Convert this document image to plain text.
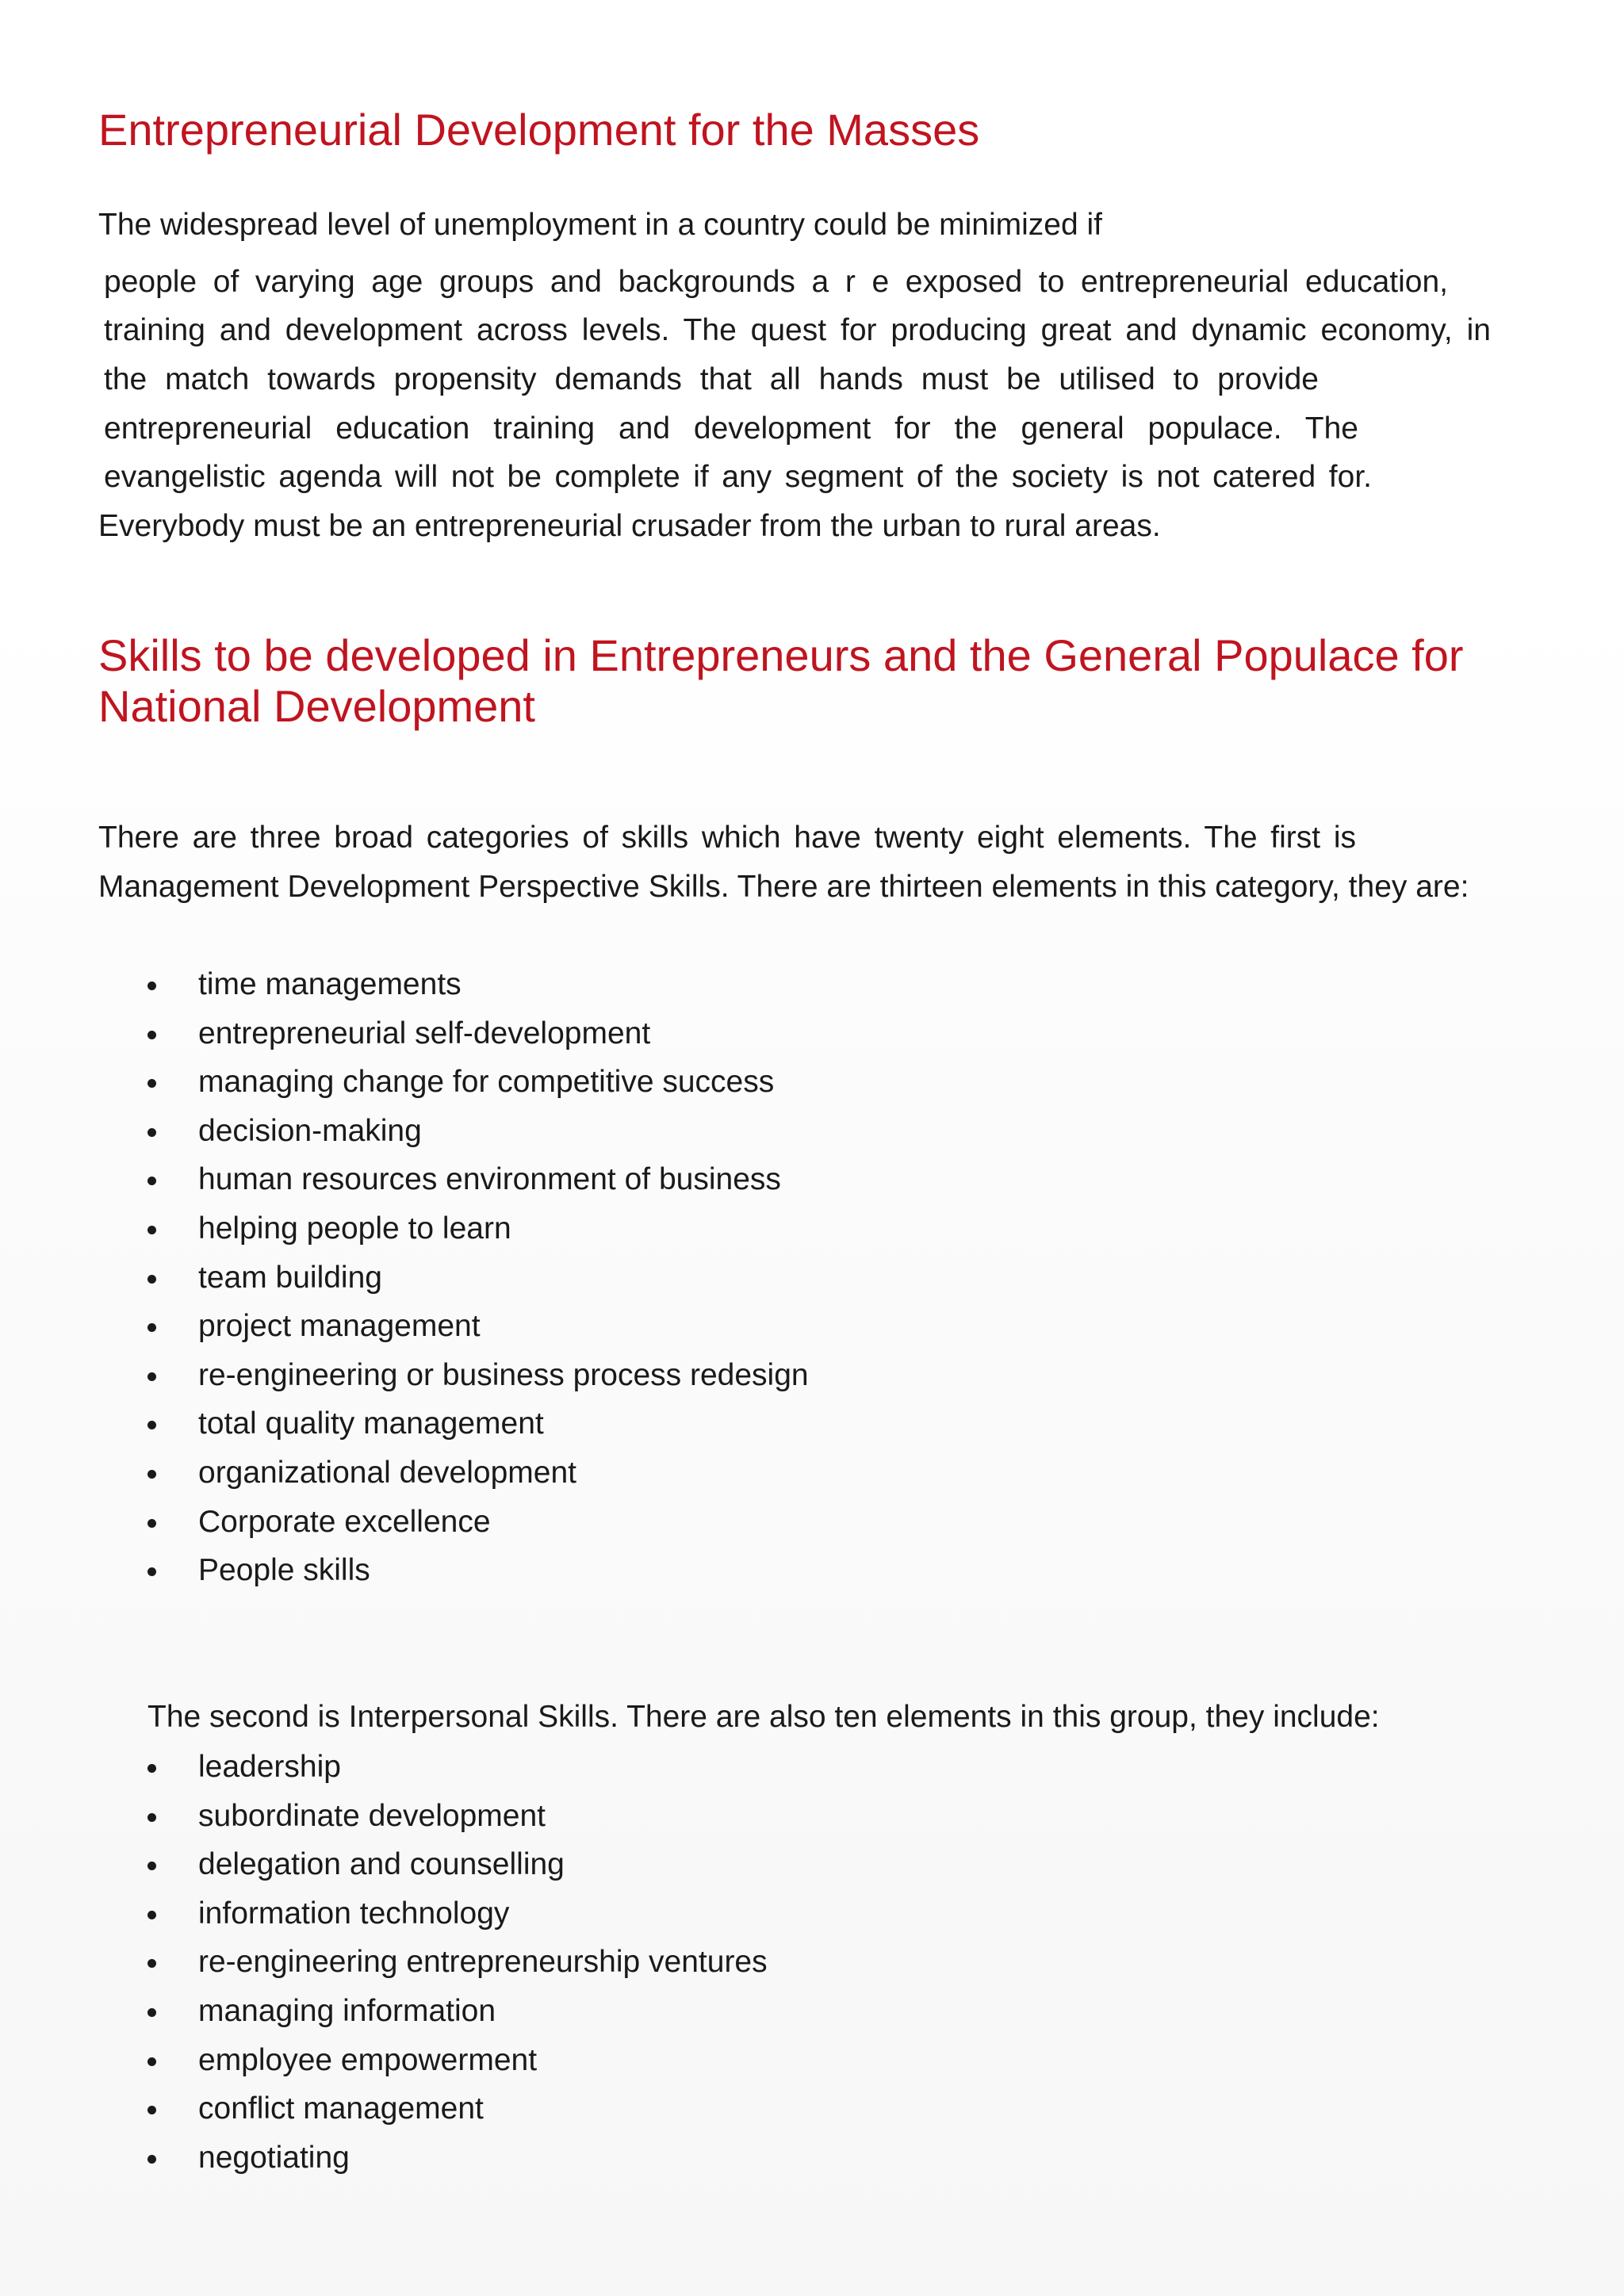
Entrepreneurial Development for the Masses
The widespread level of unemployment in a country could be minimized if
people of varying age groups and backgrounds a r e exposed to entrepreneurial education,
training and development across levels. The quest for producing great and dynamic economy, in
the match towards propensity demands that all hands must be utilised to provide
entrepreneurial education training and development for the general populace. The
evangelistic agenda will not be complete if any segment of the society is not catered for.
Everybody must be an entrepreneurial crusader from the urban to rural areas.
Skills to be developed in Entrepreneurs and the General Populace for
National Development
There are three broad categories of skills which have twenty eight elements. The first is
Management Development Perspective Skills. There are thirteen elements in this category, they are:
time managements
entrepreneurial self-development
managing change for competitive success
decision-making
human resources environment of business
helping people to learn
team building
project management
re-engineering or business process redesign
total quality management
organizational development
Corporate excellence
People skills
The second is Interpersonal Skills. There are also ten elements in this group, they include:
leadership
subordinate development
delegation and counselling
information technology
re-engineering entrepreneurship ventures
managing information
employee empowerment
conflict management
negotiating
